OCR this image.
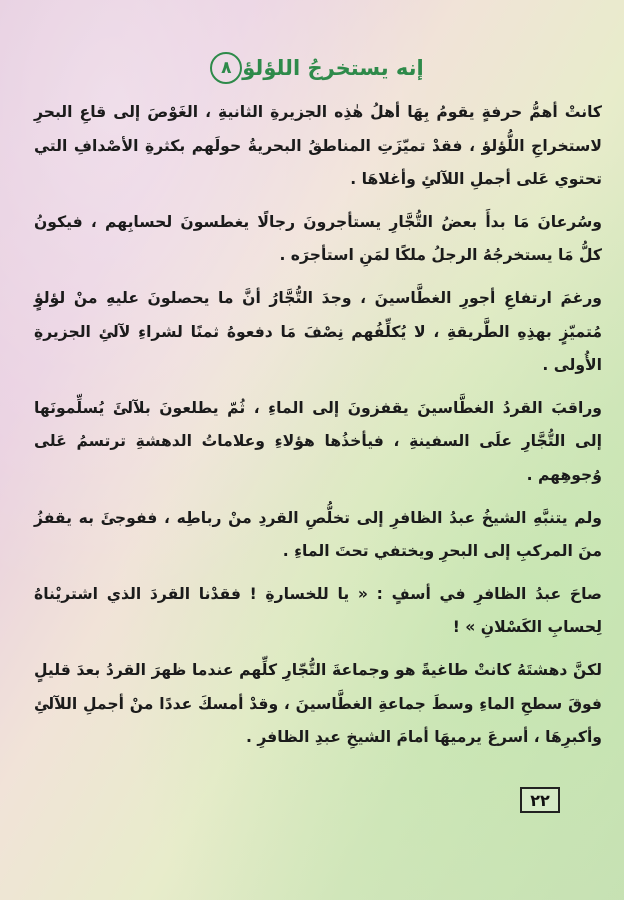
٨ إنه يستخرجُ اللؤلؤ

كانتْ أهمُّ حرفةٍ يقومُ بِهَا أهلُ هٰذِه الجزيرةِ الثانيةِ ، الغَوْصَ إلى قاعِ البحرِ لاستخراجِ اللُّؤلؤ ، فقدْ تميّزَتِ المناطقُ البحريةُ حولَهم بكثرةِ الأصْدافِ التي تحتوي عَلى أجملِ اللآلئِ وأغلاهَا .

وسُرعانَ مَا بدأَ بعضُ التُّجَّارِ يستأجرونَ رجالًا يغطسونَ لحسابِهم ، فيكونُ كلُّ مَا يستخرجُهُ الرجلُ ملكًا لمَنِ استأجرَه .

ورغمَ ارتفاعِ أجورِ الغطَّاسينَ ، وجدَ التُّجَّارُ أنَّ ما يحصلونَ عليهِ منْ لؤلؤٍ مُتميّزٍ بهذِهِ الطَّريقةِ ، لا يُكلِّفُهم نِصْفَ مَا دفعوهُ ثمنًا لشراءِ لآلئِ الجزيرةِ الأُولى .

وراقبَ القردُ الغطَّاسينَ يقفزونَ إلى الماءِ ، ثُمّ يطلعونَ بلآلئَ يُسلِّمونَها إلى التُّجَّارِ علَى السفينةِ ، فيأخذُها هؤلاءِ وعلاماتُ الدهشةِ ترتسمُ عَلى وُجوهِهم .

ولم يتنبَّهِ الشيخُ عبدُ الظافرِ إلى تخلُّصِ القردِ منْ رباطِه ، ففوجئَ به يقفزُ منَ المركبِ إلى البحرِ ويختفي تحتَ الماءِ .

صاحَ عبدُ الظافرِ في أسفٍ : « يا للخسارةِ ! فقدْنا القردَ الذي اشتريْناهُ لِحسابِ الكَسْلانِ » !

لكنَّ دهشتَهُ كانتْ طاغيةً هو وجماعةَ التُّجّارِ كلِّهم عندما ظهرَ القردُ بعدَ قليلٍ فوقَ سطحِ الماءِ وسطَ جماعةِ الغطَّاسينَ ، وقدْ أمسكَ عددًا منْ أجملِ اللآلئِ وأكبرِهَا ، أسرعَ يرميهَا أمامَ الشيخِ عبدِ الظافرِ .

٢٢
